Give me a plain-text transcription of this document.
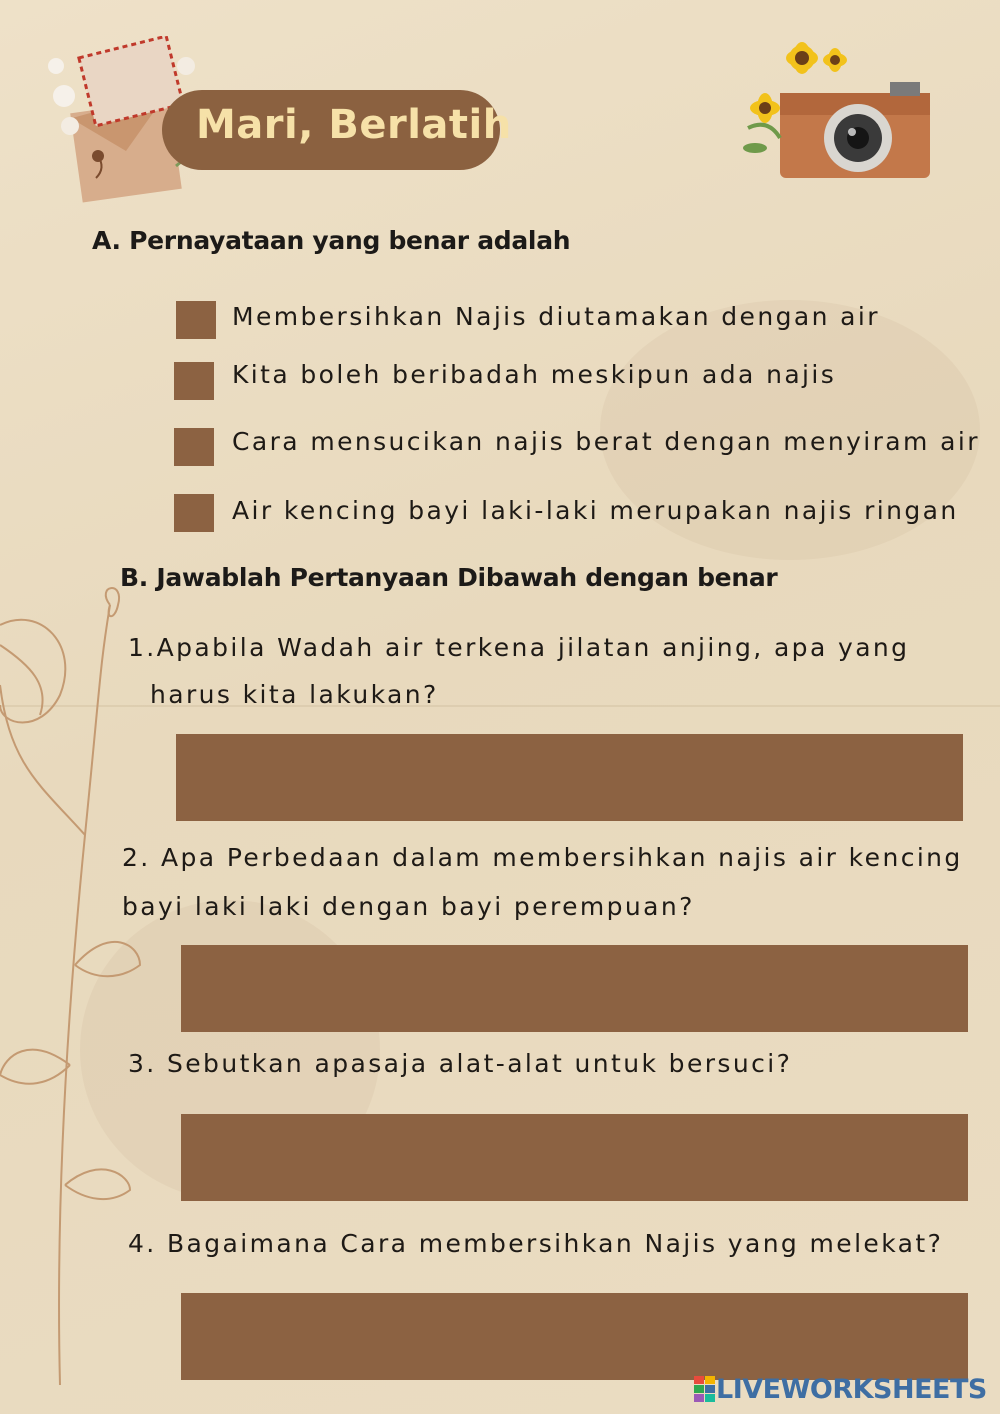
Mari, Berlatih
A. Pernayataan yang benar adalah
Membersihkan Najis diutamakan dengan air
Kita boleh beribadah meskipun ada najis
Cara mensucikan najis berat dengan menyiram air
Air kencing bayi laki-laki merupakan najis ringan
B. Jawablah Pertanyaan Dibawah dengan benar
1.Apabila Wadah air terkena jilatan anjing, apa yang
harus kita lakukan?
2. Apa Perbedaan dalam membersihkan najis air kencing
bayi laki laki dengan bayi perempuan?
3. Sebutkan apasaja alat-alat untuk bersuci?
4. Bagaimana Cara membersihkan Najis yang melekat?
LIVEWORKSHEETS
